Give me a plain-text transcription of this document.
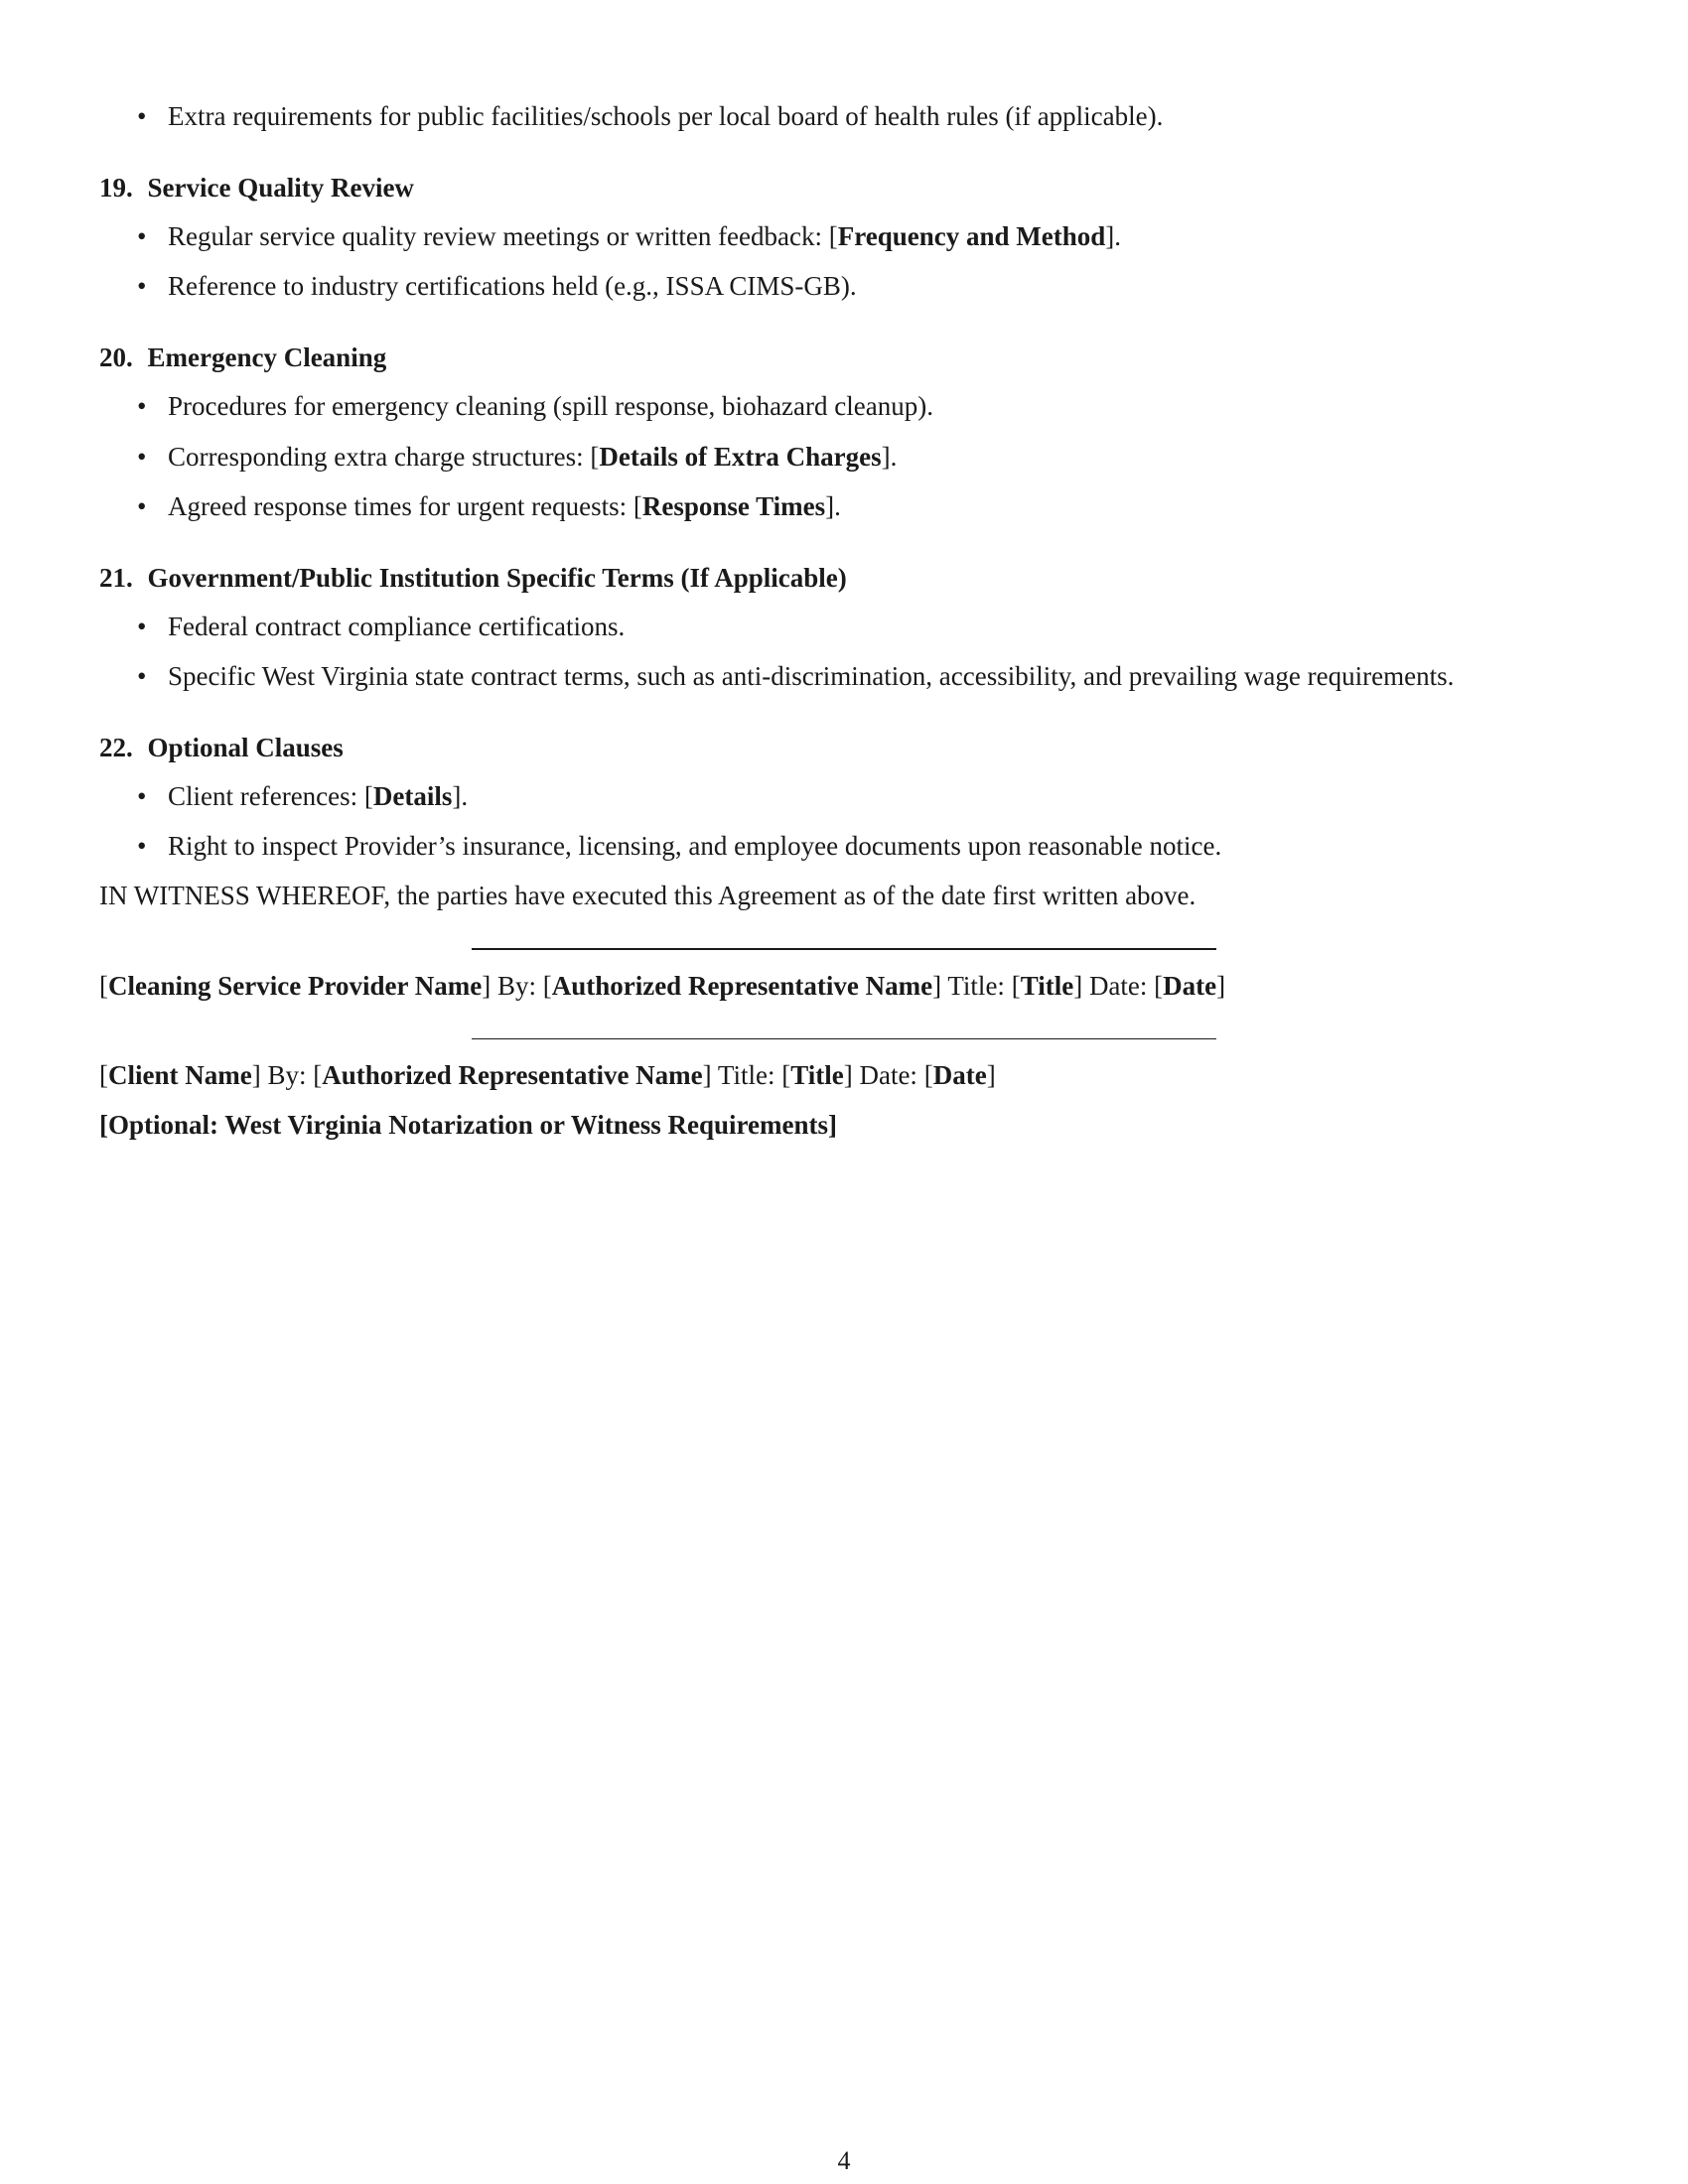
• Extra requirements for public facilities/schools per local board of health rules (if applicable).
19. Service Quality Review
• Regular service quality review meetings or written feedback: [Frequency and Method].
• Reference to industry certifications held (e.g., ISSA CIMS-GB).
20. Emergency Cleaning
• Procedures for emergency cleaning (spill response, biohazard cleanup).
• Corresponding extra charge structures: [Details of Extra Charges].
• Agreed response times for urgent requests: [Response Times].
21. Government/Public Institution Specific Terms (If Applicable)
• Federal contract compliance certifications.
• Specific West Virginia state contract terms, such as anti-discrimination, accessibility, and prevailing wage requirements.
22. Optional Clauses
• Client references: [Details].
• Right to inspect Provider’s insurance, licensing, and employee documents upon reasonable notice.
IN WITNESS WHEREOF, the parties have executed this Agreement as of the date first written above.
[Cleaning Service Provider Name] By: [Authorized Representative Name] Title: [Title] Date: [Date]
[Client Name] By: [Authorized Representative Name] Title: [Title] Date: [Date]
[Optional: West Virginia Notarization or Witness Requirements]
4
